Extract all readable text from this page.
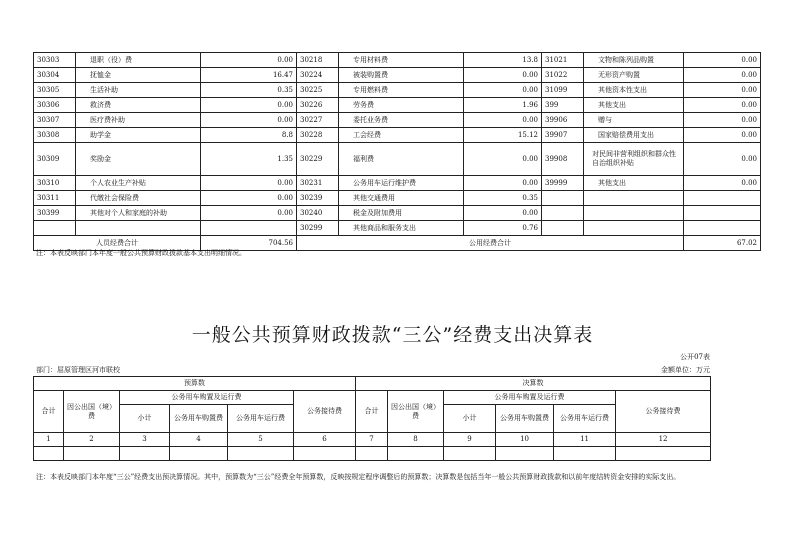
30303	退职（役）费	0.00	30218	专用材料费	13.8	31021	文物和陈列品购置	0.00
30304	抚恤金	16.47	30224	被装购置费	0.00	31022	无形资产购置	0.00
30305	生活补助	0.35	30225	专用燃料费	0.00	31099	其他资本性支出	0.00
30306	救济费	0.00	30226	劳务费	1.96	399	其他支出	0.00
30307	医疗费补助	0.00	30227	委托业务费	0.00	39906	赠与	0.00
30308	助学金	8.8	30228	工会经费	15.12	39907	国家赔偿费用支出	0.00
30309	奖励金	1.35	30229	福利费	0.00	39908	对民间非营利组织和群众性自治组织补贴	0.00
30310	个人农业生产补贴	0.00	30231	公务用车运行维护费	0.00	39999	其他支出	0.00
30311	代缴社会保险费	0.00	30239	其他交通费用	0.35			
30399	其他对个人和家庭的补助	0.00	30240	税金及附加费用	0.00			
			30299	其他商品和服务支出	0.76			
人员经费合计		704.56	公用经费合计					67.02
注：本表反映部门本年度一般公共预算财政拨款基本支出明细情况。
一般公共预算财政拨款“三公”经费支出决算表
公开07表
部门：屈原管理区河市联校	金额单位：万元
预算数						决算数					
合计	因公出国（境）费	公务用车购置及运行费			公务接待费	合计	因公出国（境）费	公务用车购置及运行费			公务接待费
		小计	公务用车购置费	公务用车运行费				小计	公务用车购置费	公务用车运行费	
1	2	3	4	5	6	7	8	9	10	11	12

注：本表反映部门本年度“三公”经费支出预决算情况。其中，预算数为“三公”经费全年预算数，反映按规定程序调整后的预算数；决算数是包括当年一般公共预算财政拨款和以前年度结转资金安排的实际支出。
